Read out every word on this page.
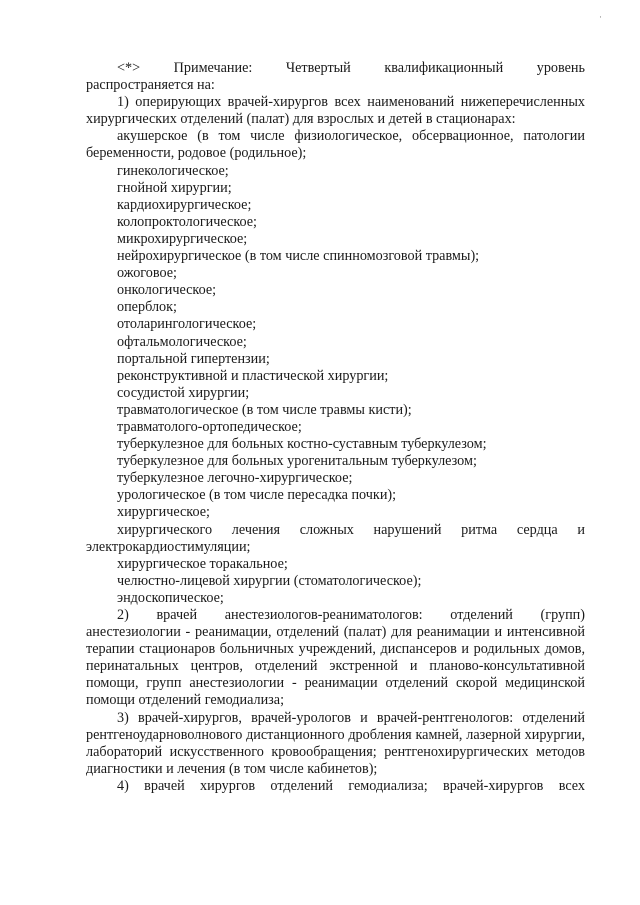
·

<*> Примечание: Четвертый квалификационный уровень

распространяется на:

1) оперирующих врачей-хирургов всех наименований нижеперечисленных хирургических отделений (палат) для взрослых и детей в стационарах:

акушерское (в том числе физиологическое, обсервационное, патологии беременности, родовое (родильное);

гинекологическое;

гнойной хирургии;

кардиохирургическое;

колопроктологическое;

микрохирургическое;

нейрохирургическое (в том числе спинномозговой травмы);

ожоговое;

онкологическое;

оперблок;

отоларингологическое;

офтальмологическое;

портальной гипертензии;

реконструктивной и пластической хирургии;

сосудистой хирургии;

травматологическое (в том числе травмы кисти);

травматолого-ортопедическое;

туберкулезное для больных костно-суставным туберкулезом;

туберкулезное для больных урогенитальным туберкулезом;

туберкулезное легочно-хирургическое;

урологическое (в том числе пересадка почки);

хирургическое;

хирургического лечения сложных нарушений ритма сердца и электрокардиостимуляции;

хирургическое торакальное;

челюстно-лицевой хирургии (стоматологическое);

эндоскопическое;

2) врачей анестезиологов-реаниматологов: отделений (групп) анестезиологии - реанимации, отделений (палат) для реанимации и интенсивной терапии стационаров больничных учреждений, диспансеров и родильных домов, перинатальных центров, отделений экстренной и планово-консультативной помощи, групп анестезиологии - реанимации отделений скорой медицинской помощи отделений гемодиализа;

3) врачей-хирургов, врачей-урологов и врачей-рентгенологов: отделений рентгеноударноволнового дистанционного дробления камней, лазерной хирургии, лабораторий искусственного кровообращения; рентгенохирургических методов диагностики и лечения (в том числе кабинетов);

4) врачей хирургов отделений гемодиализа; врачей-хирургов всех
